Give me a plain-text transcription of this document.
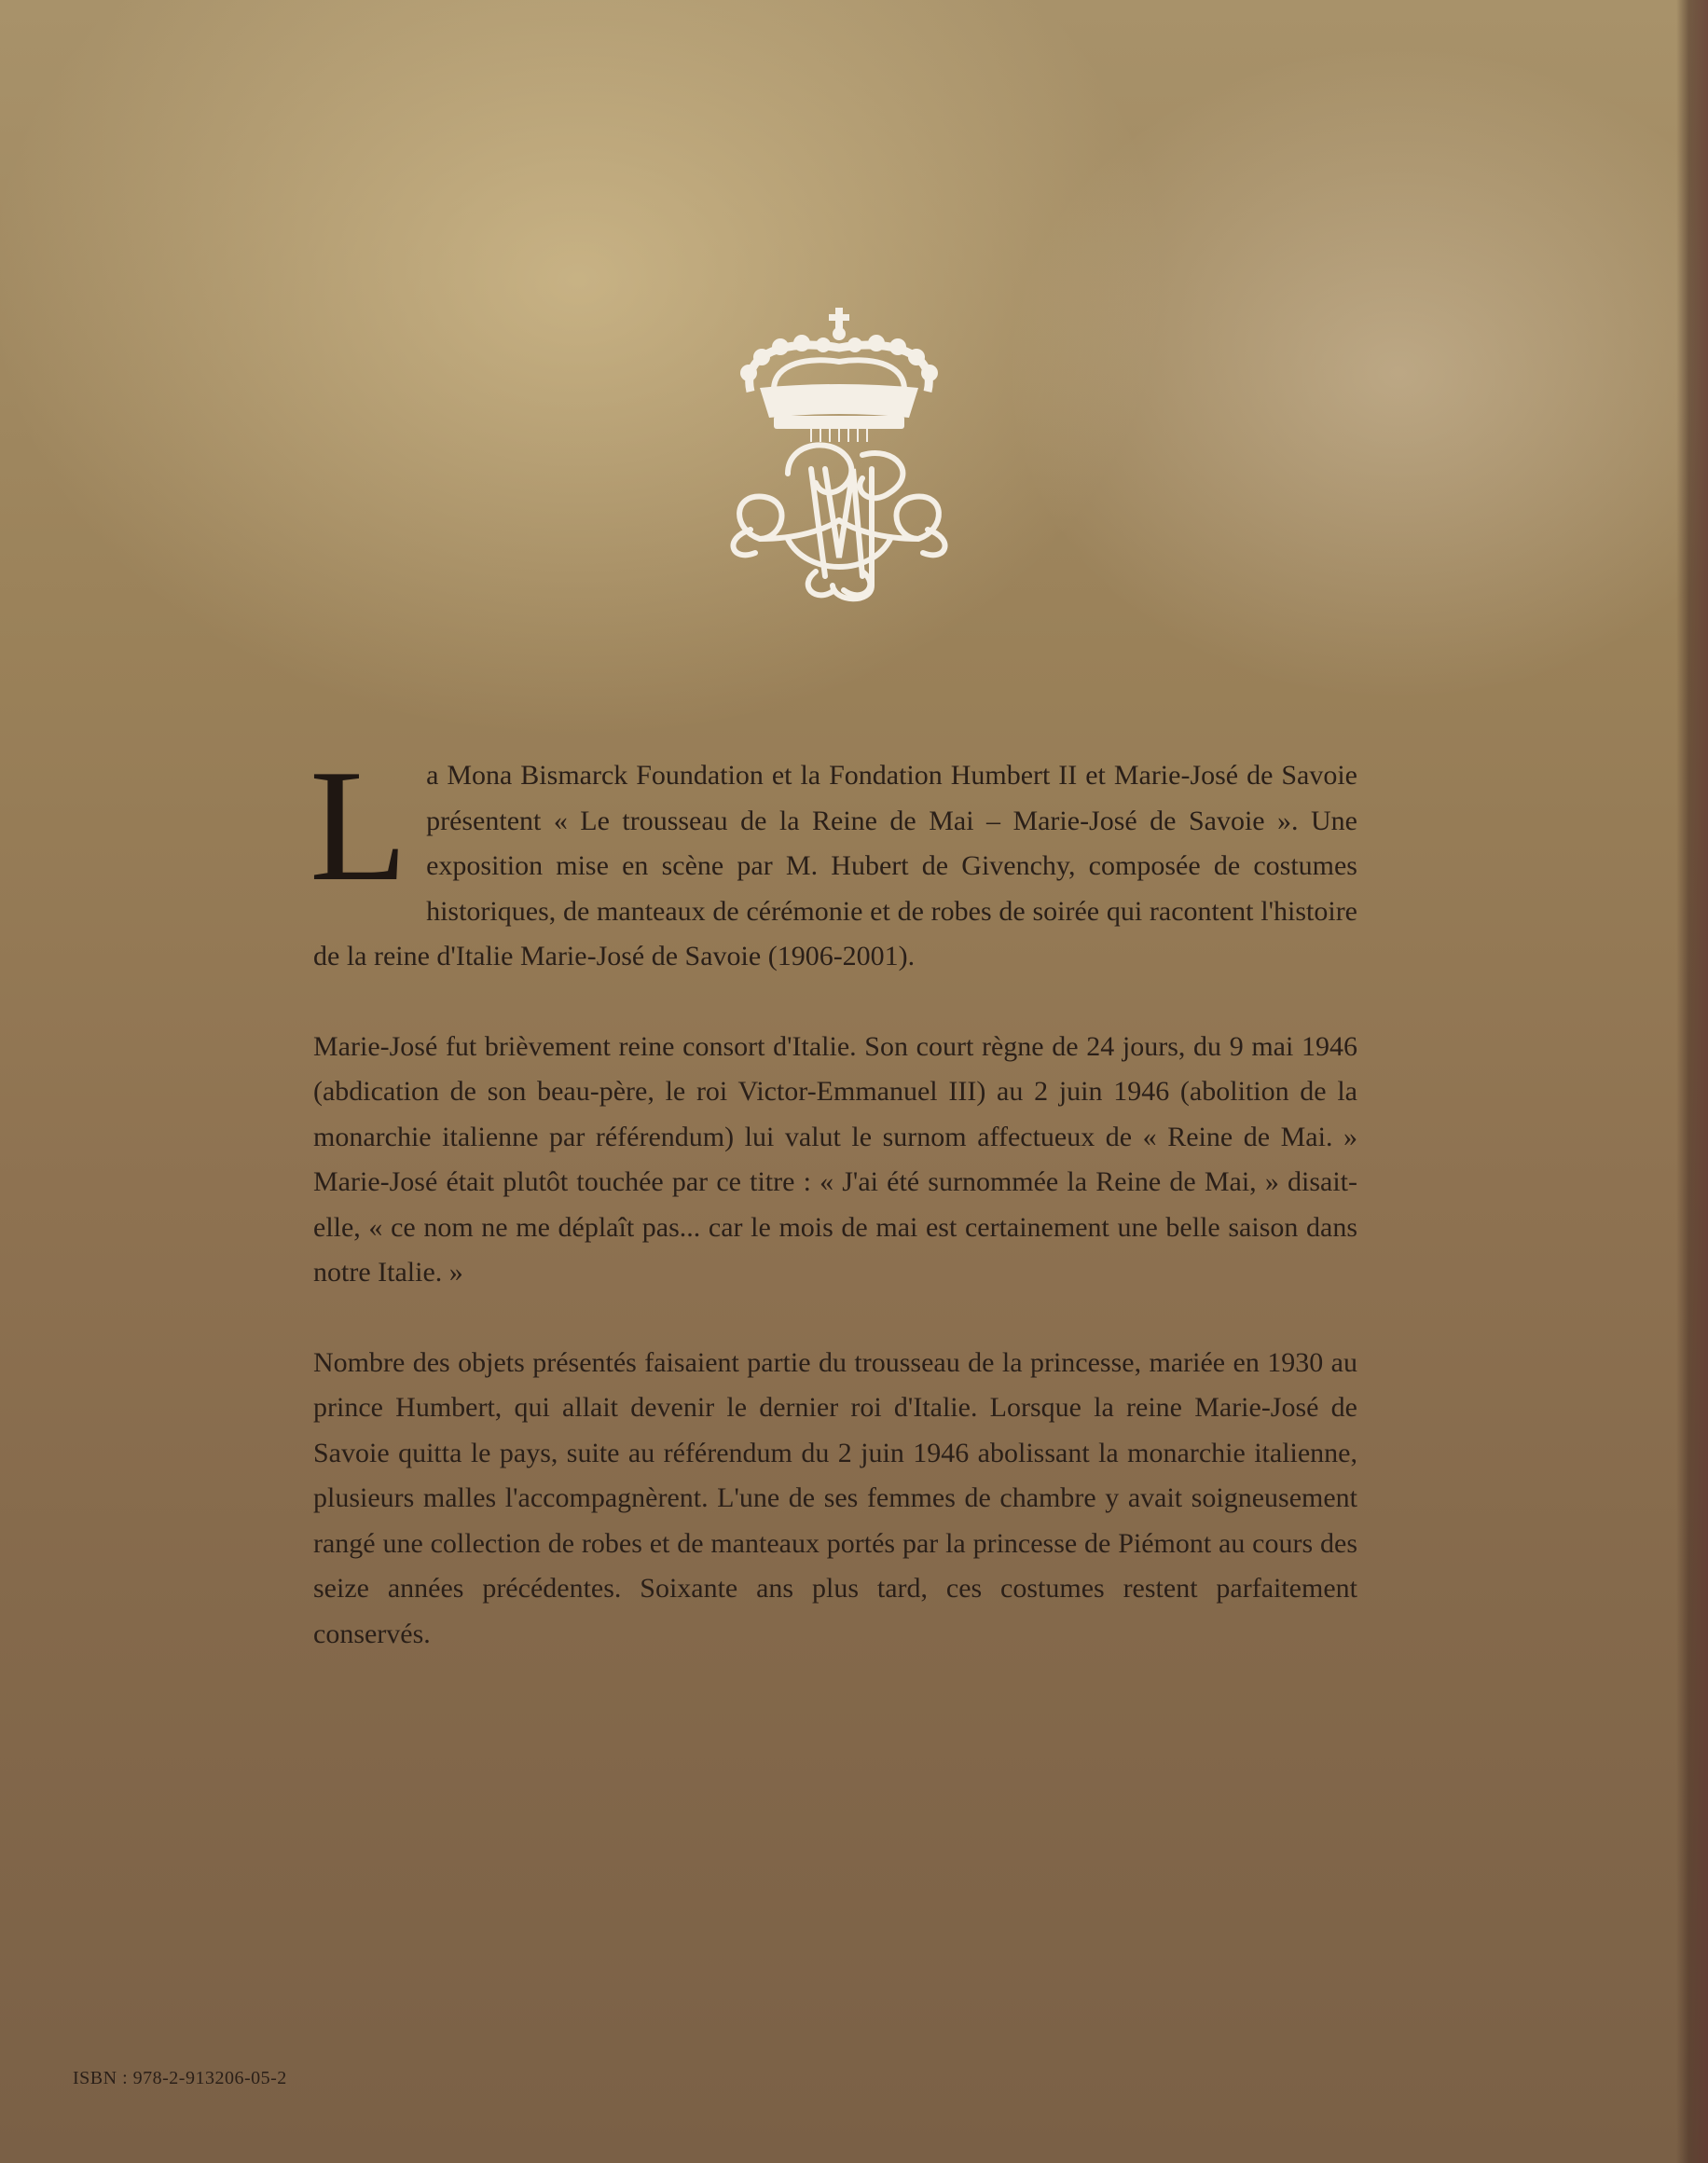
La Mona Bismarck Foundation et la Fondation Humbert II et Marie-José de Savoie présentent « Le trousseau de la Reine de Mai – Marie-José de Savoie ». Une exposition mise en scène par M. Hubert de Givenchy, composée de costumes historiques, de manteaux de cérémonie et de robes de soirée qui racontent l'histoire de la reine d'Italie Marie-José de Savoie (1906-2001).

Marie-José fut brièvement reine consort d'Italie. Son court règne de 24 jours, du 9 mai 1946 (abdication de son beau-père, le roi Victor-Emmanuel III) au 2 juin 1946 (abolition de la monarchie italienne par référendum) lui valut le surnom affectueux de « Reine de Mai. » Marie-José était plutôt touchée par ce titre : « J'ai été surnommée la Reine de Mai, » disait-elle, « ce nom ne me déplaît pas... car le mois de mai est certainement une belle saison dans notre Italie. »

Nombre des objets présentés faisaient partie du trousseau de la princesse, mariée en 1930 au prince Humbert, qui allait devenir le dernier roi d'Italie. Lorsque la reine Marie-José de Savoie quitta le pays, suite au référendum du 2 juin 1946 abolissant la monarchie italienne, plusieurs malles l'accompagnèrent. L'une de ses femmes de chambre y avait soigneusement rangé une collection de robes et de manteaux portés par la princesse de Piémont au cours des seize années précédentes. Soixante ans plus tard, ces costumes restent parfaitement conservés.

ISBN : 978-2-913206-05-2
